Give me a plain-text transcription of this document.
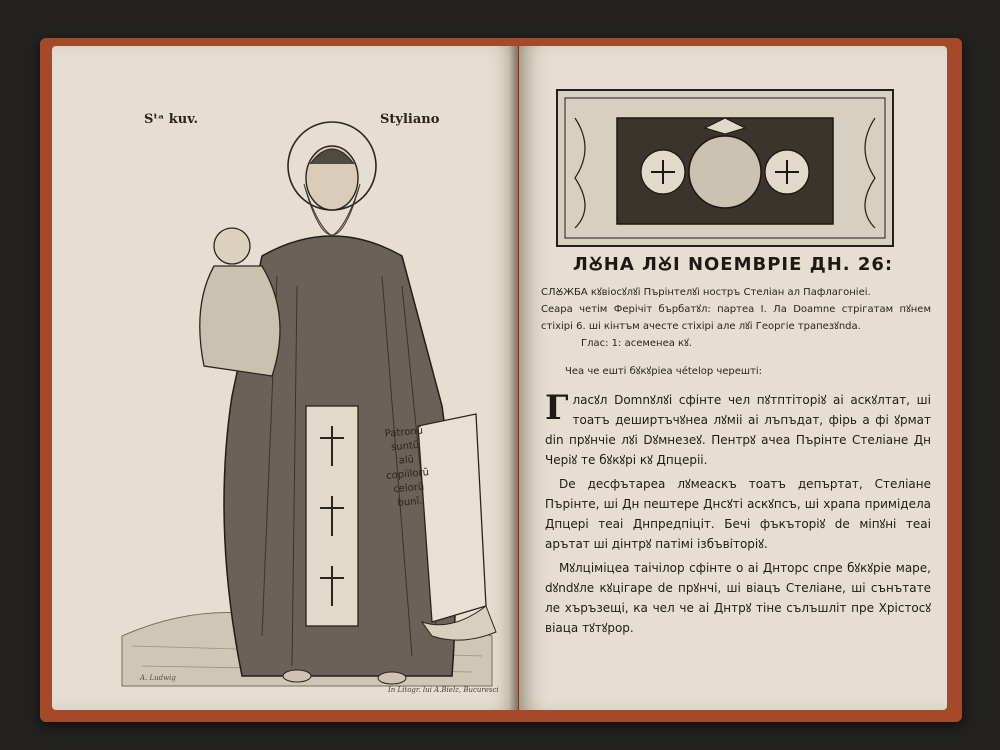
Sᵗᵃ kuv.	Styliano
Patronŭ
suntŭ
alŭ
copiilorŭ
celorŭ
bunĭ.
A. Ludwig
In Litogr. lui A.Bielz, Bucuresci
ЛꙊНА ЛꙊI NОЕМВРIЕ ДН. 26:

СЛꙊЖБА кꙋвioсꙋлꙋi Пърiнтелꙋi ностръ Стелiан ал Пафлагонiеi.

Сеара четiм Ферiчiт бърбатꙋл: партеа I. Ла Doamne стрiгатам пꙋнем стiхiрi 6. шi кiнтъм ачесте стiхiрi але лꙋi Георгiе трапезꙋndа.

Глас: 1: асеменеа кꙋ.

Чеа че ештi бꙋкꙋрiеа чételор черештi:

Гласꙋл Domnꙋлꙋi сфiнте чел пꙋтптiторiꙋ аi аскꙋлтат, шi тоатъ деширтъчꙋнеа лꙋмii аi лъпъдат, фiрь а фi ꙋрмат din прꙋнчiе лꙋi Dꙋмнезеꙋ. Пентрꙋ ачеа Пърiнте Стелiане Дн Черiꙋ те бꙋкꙋрi кꙋ Дпцерii.

De десфътареа лꙋмеаскъ тоатъ депъртат, Стелiане Пърiнте, шi Дн пештере Днсꙋтi аскꙋпсъ, шi храпа примiдела Дпцерi теаi Днпредпiцiт. Бечi фъкъторiꙋ de мiпꙋнi теаi арътат шi дiнтрꙋ патiмi iзбъвiторiꙋ.

Мꙋлцiмiцеа таiчiлор сфiнте о аi Днторс спре бꙋкꙋрiе маре, dꙋndꙋле кꙋцiгаре de прꙋнчi, шi вiацъ Стелiане, шi сънътате ле хъръзещi, ка чел че аi Днтрꙋ тiне сълъшлiт пре Хрiстосꙋ вiаца тꙋтꙋрор.
